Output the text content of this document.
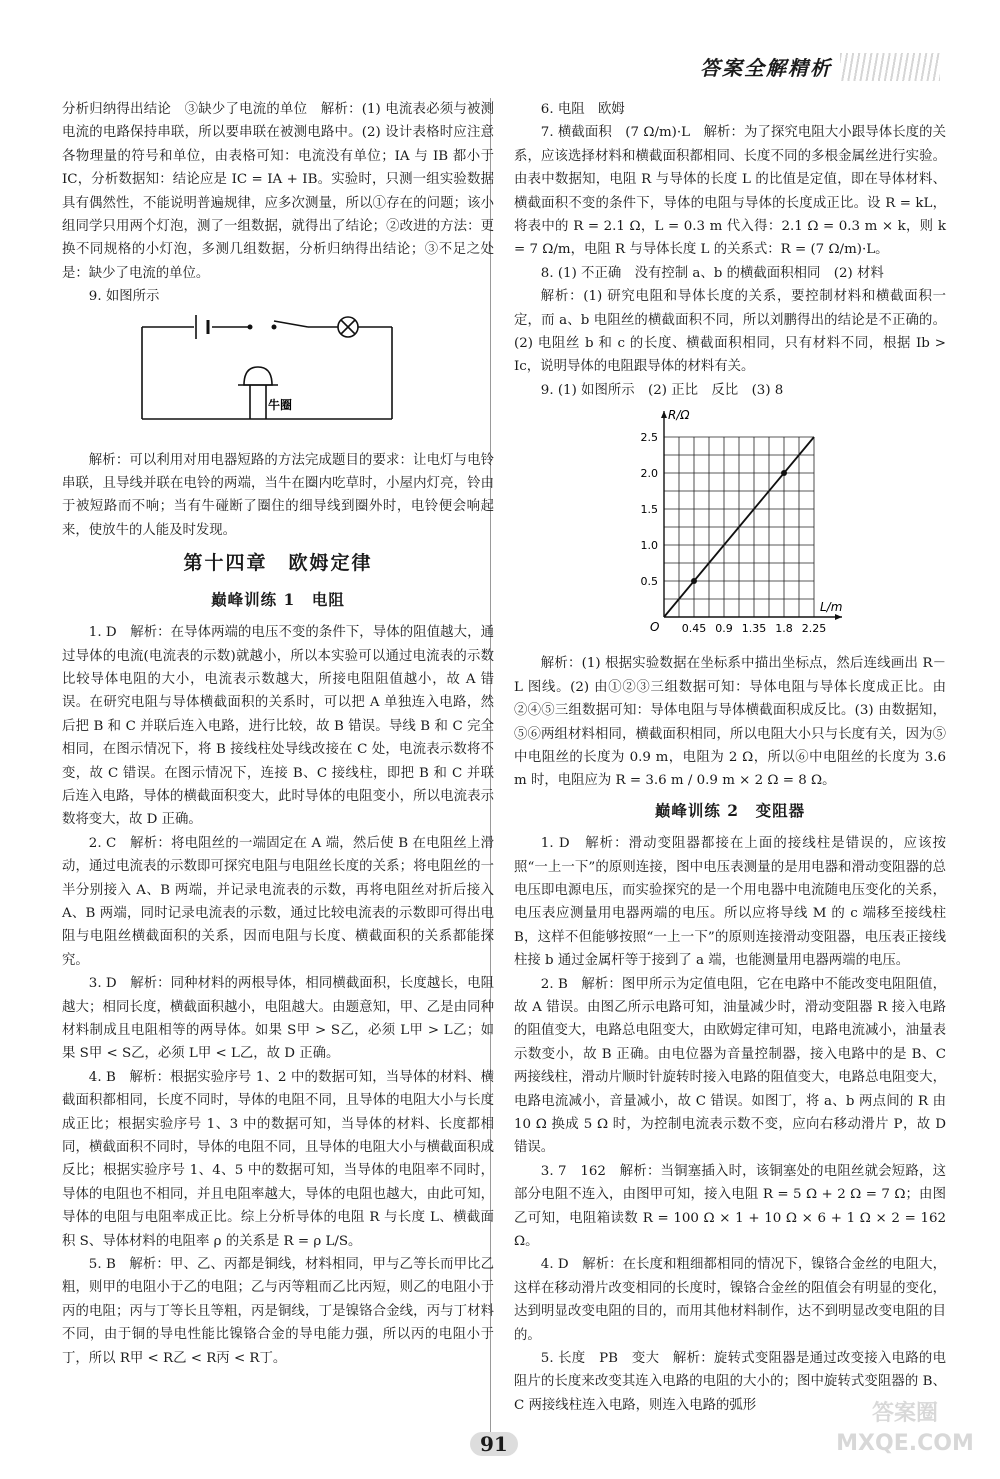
答案全解精析

分析归纳得出结论　③缺少了电流的单位　解析：(1) 电流表必须与被测电流的电路保持串联，所以要串联在被测电路中。(2) 设计表格时应注意各物理量的符号和单位，由表格可知：电流没有单位；IA 与 IB 都小于 IC，分析数据知：结论应是 IC = IA + IB。实验时，只测一组实验数据具有偶然性，不能说明普遍规律，应多次测量，所以①存在的问题；该小组同学只用两个灯泡，测了一组数据，就得出了结论；②改进的方法：更换不同规格的小灯泡，多测几组数据，分析归纳得出结论；③不足之处是：缺少了电流的单位。

9. 如图所示

牛圈

解析：可以利用对用电器短路的方法完成题目的要求：让电灯与电铃串联，且导线并联在电铃的两端，当牛在圈内吃草时，小屋内灯亮，铃由于被短路而不响；当有牛碰断了圈住的细导线到圈外时，电铃便会响起来，使放牛的人能及时发现。

第十四章　欧姆定律
巅峰训练 1　电阻

1. D　解析：在导体两端的电压不变的条件下，导体的阻值越大，通过导体的电流(电流表的示数)就越小，所以本实验可以通过电流表的示数比较导体电阻的大小，电流表示数越大，所接电阻阻值越小，故 A 错误。在研究电阻与导体横截面积的关系时，可以把 A 单独连入电路，然后把 B 和 C 并联后连入电路，进行比较，故 B 错误。导线 B 和 C 完全相同，在图示情况下，将 B 接线柱处导线改接在 C 处，电流表示数将不变，故 C 错误。在图示情况下，连接 B、C 接线柱，即把 B 和 C 并联后连入电路，导体的横截面积变大，此时导体的电阻变小，所以电流表示数将变大，故 D 正确。

2. C　解析：将电阻丝的一端固定在 A 端，然后使 B 在电阻丝上滑动，通过电流表的示数即可探究电阻与电阻丝长度的关系；将电阻丝的一半分别接入 A、B 两端，并记录电流表的示数，再将电阻丝对折后接入 A、B 两端，同时记录电流表的示数，通过比较电流表的示数即可得出电阻与电阻丝横截面积的关系，因而电阻与长度、横截面积的关系都能探究。

3. D　解析：同种材料的两根导体，相同横截面积，长度越长，电阻越大；相同长度，横截面积越小，电阻越大。由题意知，甲、乙是由同种材料制成且电阻相等的两导体。如果 S甲 > S乙，必须 L甲 > L乙；如果 S甲 < S乙，必须 L甲 < L乙，故 D 正确。

4. B　解析：根据实验序号 1、2 中的数据可知，当导体的材料、横截面积都相同，长度不同时，导体的电阻不同，且导体的电阻大小与长度成正比；根据实验序号 1、3 中的数据可知，当导体的材料、长度都相同，横截面积不同时，导体的电阻不同，且导体的电阻大小与横截面积成反比；根据实验序号 1、4、5 中的数据可知，当导体的电阻率不同时，导体的电阻也不相同，并且电阻率越大，导体的电阻也越大，由此可知，导体的电阻与电阻率成正比。综上分析导体的电阻 R 与长度 L、横截面积 S、导体材料的电阻率 ρ 的关系是 R = ρ L/S。

5. B　解析：甲、乙、丙都是铜线，材料相同，甲与乙等长而甲比乙粗，则甲的电阻小于乙的电阻；乙与丙等粗而乙比丙短，则乙的电阻小于丙的电阻；丙与丁等长且等粗，丙是铜线，丁是镍铬合金线，丙与丁材料不同，由于铜的导电性能比镍铬合金的导电能力强，所以丙的电阻小于丁，所以 R甲 < R乙 < R丙 < R丁。

6. 电阻　欧姆

7. 横截面积　(7 Ω/m)·L　解析：为了探究电阻大小跟导体长度的关系，应该选择材料和横截面积都相同、长度不同的多根金属丝进行实验。由表中数据知，电阻 R 与导体的长度 L 的比值是定值，即在导体材料、横截面积不变的条件下，导体的电阻与导体的长度成正比。设 R = kL，将表中的 R = 2.1 Ω，L = 0.3 m 代入得：2.1 Ω = 0.3 m × k，则 k = 7 Ω/m，电阻 R 与导体长度 L 的关系式：R = (7 Ω/m)·L。

8. (1) 不正确　没有控制 a、b 的横截面积相同　(2) 材料

解析：(1) 研究电阻和导体长度的关系，要控制材料和横截面积一定，而 a、b 电阻丝的横截面积不同，所以刘鹏得出的结论是不正确的。(2) 电阻丝 b 和 c 的长度、横截面积相同，只有材料不同，根据 Ib > Ic，说明导体的电阻跟导体的材料有关。

9. (1) 如图所示　(2) 正比　反比　(3) 8

0.45 0.9 1.35 1.8 2.25
0.5
1.0
1.5
2.0
2.5
R/Ω
L/m
O

解析：(1) 根据实验数据在坐标系中描出坐标点，然后连线画出 R－L 图线。(2) 由①②③三组数据可知：导体电阻与导体长度成正比。由②④⑤三组数据可知：导体电阻与导体横截面积成反比。(3) 由数据知，⑤⑥两组材料相同，横截面积相同，所以电阻大小只与长度有关，因为⑤中电阻丝的长度为 0.9 m，电阻为 2 Ω，所以⑥中电阻丝的长度为 3.6 m 时，电阻应为 R = 3.6 m / 0.9 m × 2 Ω = 8 Ω。

巅峰训练 2　变阻器

1. D　解析：滑动变阻器都接在上面的接线柱是错误的，应该按照“一上一下”的原则连接，图中电压表测量的是用电器和滑动变阻器的总电压即电源电压，而实验探究的是一个用电器中电流随电压变化的关系，电压表应测量用电器两端的电压。所以应将导线 M 的 c 端移至接线柱 B，这样不但能够按照“一上一下”的原则连接滑动变阻器，电压表正接线柱接 b 通过金属杆等于接到了 a 端，也能测量用电器两端的电压。

2. B　解析：图甲所示为定值电阻，它在电路中不能改变电阻阻值，故 A 错误。由图乙所示电路可知，油量减少时，滑动变阻器 R 接入电路的阻值变大，电路总电阻变大，由欧姆定律可知，电路电流减小，油量表示数变小，故 B 正确。由电位器为音量控制器，接入电路中的是 B、C 两接线柱，滑动片顺时针旋转时接入电路的阻值变大，电路总电阻变大，电路电流减小，音量减小，故 C 错误。如图丁，将 a、b 两点间的 R 由 10 Ω 换成 5 Ω 时，为控制电流表示数不变，应向右移动滑片 P，故 D 错误。

3. 7　162　解析：当铜塞插入时，该铜塞处的电阻丝就会短路，这部分电阻不连入，由图甲可知，接入电阻 R = 5 Ω + 2 Ω = 7 Ω；由图乙可知，电阻箱读数 R = 100 Ω × 1 + 10 Ω × 6 + 1 Ω × 2 = 162 Ω。

4. D　解析：在长度和粗细都相同的情况下，镍铬合金丝的电阻大，这样在移动滑片改变相同的长度时，镍铬合金丝的阻值会有明显的变化，达到明显改变电阻的目的，而用其他材料制作，达不到明显改变电阻的目的。

5. 长度　PB　变大　解析：旋转式变阻器是通过改变接入电路的电阻片的长度来改变其连入电路的电阻的大小的；图中旋转式变阻器的 B、C 两接线柱连入电路，则连入电路的弧形

91
答案圈
MXQE.COM
